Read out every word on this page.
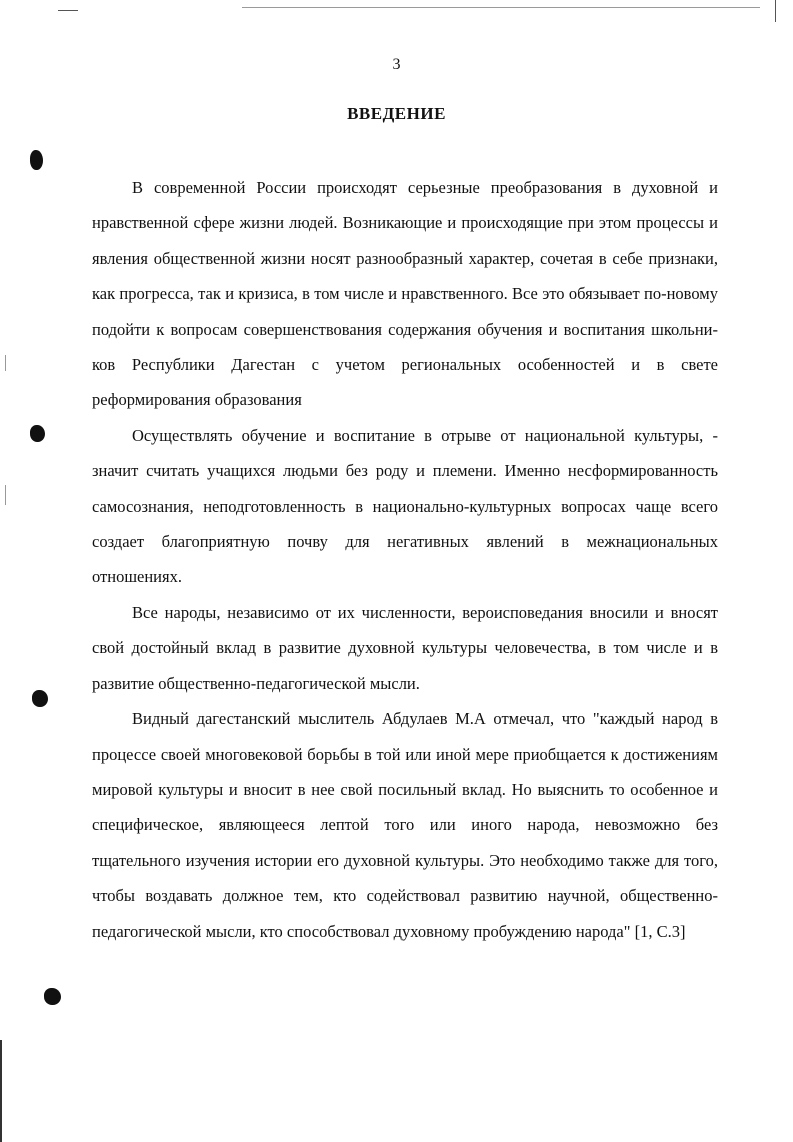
3
ВВЕДЕНИЕ

В современной России происходят серьезные преобразования в духовной и нравственной сфере жизни людей. Возникающие и происходящие при этом процессы и явления общественной жизни носят разнообразный характер, сочетая в себе признаки, как прогресса, так и кризиса, в том числе и нравственного. Все это обязывает по-новому подойти к вопросам совершенствования содержания обучения и воспитания школьников Республики Дагестан с учетом региональных особенностей и в свете реформирования образования

Осуществлять обучение и воспитание в отрыве от национальной культуры, - значит считать учащихся людьми без роду и племени. Именно несформированность самосознания, неподготовленность в национально-культурных вопросах чаще всего создает благоприятную почву для негативных явлений в межнациональных отношениях.

Все народы, независимо от их численности, вероисповедания вносили и вносят свой достойный вклад в развитие духовной культуры человечества, в том числе и в развитие общественно-педагогической мысли.

Видный дагестанский мыслитель Абдулаев М.А отмечал, что "каждый народ в процессе своей многовековой борьбы в той или иной мере приобщается к достижениям мировой культуры и вносит в нее свой посильный вклад. Но выяснить то особенное и специфическое, являющееся лептой того или иного народа, невозможно без тщательного изучения истории его духовной культуры. Это необходимо также для того, чтобы воздавать должное тем, кто содействовал развитию научной, общественно-педагогической мысли, кто способствовал духовному пробуждению народа" [1, С.3]
